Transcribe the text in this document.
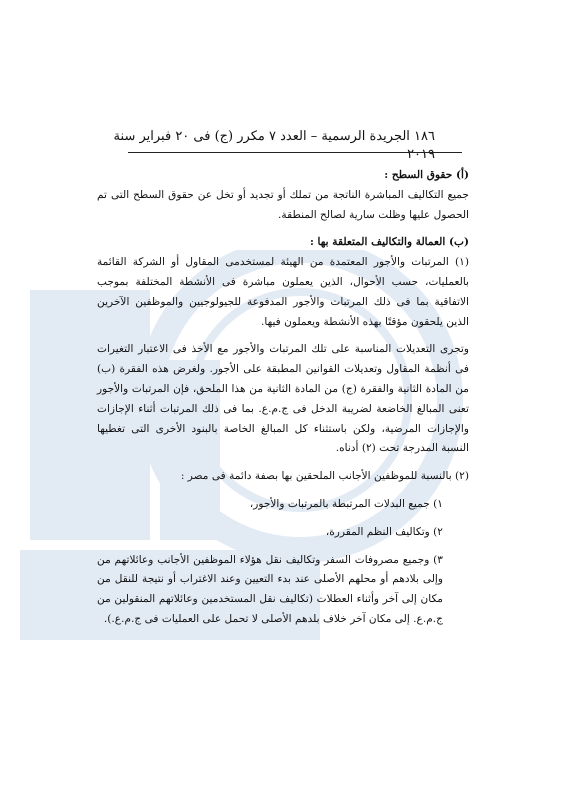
١٨٦ الجريدة الرسمية – العدد ٧ مكرر (ج) فى ٢٠ فبراير سنة ٢٠١٩

(أ) حقوق السطح :

جميع التكاليف المباشرة الناتجة من تملك أو تجديد أو تخل عن حقوق السطح التى تم الحصول عليها وظلت سارية لصالح المنطقة.

(ب) العمالة والتكاليف المتعلقة بها :

(١) المرتبات والأجور المعتمدة من الهيئة لمستخدمى المقاول أو الشركة القائمة بالعمليات، حسب الأحوال، الذين يعملون مباشرة فى الأنشطة المختلفة بموجب الاتفاقية بما فى ذلك المرتبات والأجور المدفوعة للجيولوجيين والموظفين الآخرين الذين يلحقون مؤقتًا بهذه الأنشطة ويعملون فيها.

وتجرى التعديلات المناسبة على تلك المرتبات والأجور مع الأخذ فى الاعتبار التغيرات فى أنظمة المقاول وتعديلات القوانين المطبقة على الأجور. ولغرض هذه الفقرة (ب) من المادة الثانية والفقرة (ج) من المادة الثانية من هذا الملحق، فإن المرتبات والأجور تعنى المبالغ الخاضعة لضريبة الدخل فى ج.م.ع. بما فى ذلك المرتبات أثناء الإجازات والإجازات المرضية، ولكن باستثناء كل المبالغ الخاصة بالبنود الأخرى التى تغطيها النسبة المدرجة تحت (٢) أدناه.

(٢) بالنسبة للموظفين الأجانب الملحقين بها بصفة دائمة فى مصر :

١) جميع البدلات المرتبطة بالمرتبات والأجور،

٢) وتكاليف النظم المقررة،

٣) وجميع مصروفات السفر وتكاليف نقل هؤلاء الموظفين الأجانب وعائلاتهم من وإلى بلادهم أو محلهم الأصلى عند بدء التعيين وعند الاغتراب أو نتيجة للنقل من مكان إلى آخر وأثناء العطلات (تكاليف نقل المستخدمين وعائلاتهم المنقولين من ج.م.ع. إلى مكان آخر خلاف بلدهم الأصلى لا تحمل على العمليات فى ج.م.ع.).
